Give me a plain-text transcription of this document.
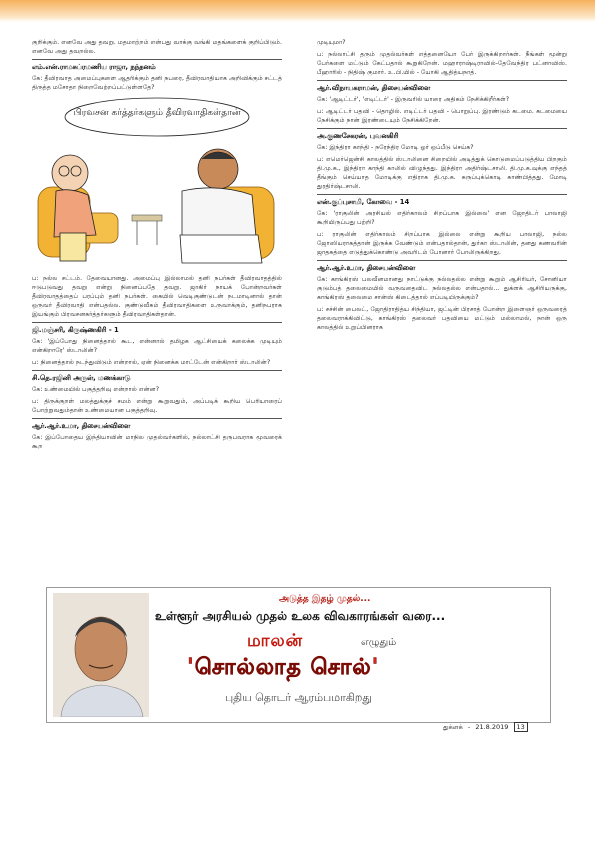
குறிக்கும். எனவே அது தவறு. மதமாற்றம் என்பது வாக்கு வங்கி மதங்களைக் குறிப்பிடும். எனவே அது தவறல்ல.

எம்.என்.ராமசுப்ரமணிய ராஜா, நந்தனம்

கே: தீவிரவாத அமைப்புகளை ஆதரிக்கும் தனி நபரை, தீவிரவாதியாக அறிவிக்கும் சட்டத் திருத்த மசோதா நிறைவேற்றப்பட்டுள்ளதே?

பிரவசன கர்த்தர்களும் தீவிரவாதிகள்தான்

ப: நல்ல சட்டம். தேவையானது. அமைப்பு இல்லாமல் தனி நபர்கள் தீவிரவாதத்தில் ஈடுபடுவது தவறு என்று நினைப்பதே தவறு. ஜாகிர் நாயக் போன்றவர்கள் தீவிரவாதத்தைப் பரப்பும் தனி நபர்கள். கையில் வெடிகுண்டுடன் நடமாடினால் தான் ஒருவர் தீவிரவாதி என்பதல்ல. குண்டுவீசும் தீவிரவாதிகளை உருவாக்கும், தனிநபராக இயங்கும் பிரவசனகர்த்தர்களும் தீவிரவாதிகள்தான்.

ஜி.மஞ்சரி, கிருஷ்ணகிரி - 1

கே: 'இப்போது நினைத்தால் கூட, என்னால் தமிழக ஆட்சியைக் கலைக்க முடியும் என்கிறாரே' ஸ்டாலின்?

ப: நினைத்தால் நடந்துவிடும் என்றால், ஏன் நினைக்க மாட்டேன் என்கிறார் ஸ்டாலின்?

சி.தெ.ரஜினி அருள், மணக்காடு

கே: உண்மையில் பகுத்தறிவு என்றால் என்ன?

ப: திருக்குறள் மலத்துக்குச் சமம் என்று கூறுவதும், அப்படிக் கூறிய பெரியாரைப் போற்றுவதும்தான் உண்மையான பகுத்தறிவு.

ஆர்.ஆர்.உமா, திசையன்விளை

கே: இப்போதைய இந்தியாவின் மாநில முதல்வர்களில், நல்லாட்சி தருபவராக மூவரைக் கூற

முடியுமா?

ப: நல்லாட்சி தரும் முதல்வர்கள் எத்தனையோ பேர் இருக்கிறார்கள். நீங்கள் மூன்று பேர்களை மட்டும் கேட்பதால் கூறுகிறேன். மஹாராஷ்டிராவில்-தேவேந்திர பட்னாவிஸ். பீஹாரில் - நிதிஷ் குமார். உ.பி.யில் - யோகி ஆதித்யநாத்.

ஆர்.விநாயகராமன், திசையன்விளை

கே: 'ஆடிட்டர்', 'எடிட்டர்' - இருவரில் யாரை அதிகம் நேசிக்கிறீர்கள்?

ப: ஆடிட்டர் பதவி - தொழில். எடிட்டர் பதவி - பொறுப்பு. இரண்டும் கடமை. கடமையை நேசிக்கும் நான் இரண்டையும் நேசிக்கிறேன்.

அ.குணசேகரன், புவனகிரி

கே: இந்திரா காந்தி - நரேந்திர மோடி ஓர் ஒப்பீடு செய்க?

ப: எமெர்ஜென்சி காலத்தில் ஸ்டாலினை சிறையில் அடித்துக் கொடுமைப்படுத்திய பிறகும் தி.மு.க., இந்திரா காந்தி காலில் விழுந்தது. இந்திரா அதிர்ஷ்டசாலி. தி.மு.க.வுக்கு எந்தத் தீங்கும் செய்யாத மோடிக்கு எதிராக தி.மு.க. கருப்புக்கொடி காண்பித்தது. மோடி துரதிர்ஷ்டசாலி.

என்.குப்புசாமி, கோவை - 14

கே: 'ராகுலின் அரசியல் எதிர்காலம் சிறப்பாக இல்லை' என ஜோதிடர் பாலாஜி கூறியிருப்பது பற்றி?

ப: ராகுலின் எதிர்காலம் சிறப்பாக இல்லை என்று கூறிய பாலாஜி, நல்ல ஜோஸியராகத்தான் இருக்க வேண்டும் என்பதால்தான், துர்கா ஸ்டாலின், தனது கணவரின் ஜாதகத்தை எடுத்துக்கொண்டு அவரிடம் போனார் போலிருக்கிறது.

ஆர்.ஆர்.உமா, திசையன்விளை

கே: காங்கிரஸ் பலவீனமானது நாட்டுக்கு நல்லதல்ல என்று கூறும் ஆசிரியர், சோனியா குடும்பத் தலைமையில் வருவதைவிட நல்லதல்ல என்பதால்... துக்ளக் ஆசிரியருக்கு, காங்கிரஸ் தலைமை சான்ஸ் கிடைத்தால் எப்படியிருக்கும்?

ப: சச்சின் பைலட், ஜோதிராதித்ய சிந்தியா, ஜட்டின் பிரசாத் போன்ற இளைஞர் ஒருவரைத் தலைவராக்கிவிட்டு, காங்கிரஸ் தலைவர் பதவியை மட்டும் மல்லாமல், நான் ஒரு காலத்தில் உறுப்பினராக

அடுத்த இதழ் முதல்...
உள்ளூர் அரசியல் முதல் உலக விவகாரங்கள் வரை...
மாலன்	எழுதும்
'சொல்லாத சொல்'
புதிய தொடர் ஆரம்பமாகிறது
துக்ளக் - 21.8.2019 13
